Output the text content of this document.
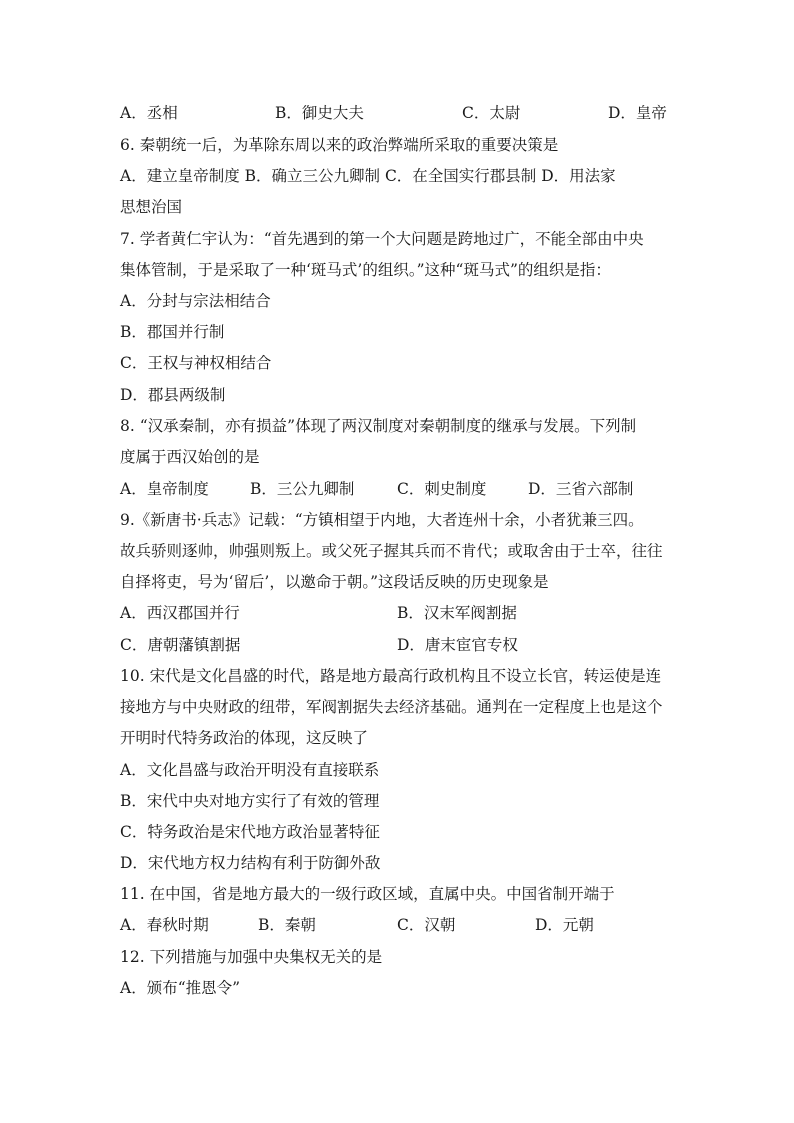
A．丞相	B．御史大夫	C．太尉	D．皇帝
6. 秦朝统一后，为革除东周以来的政治弊端所采取的重要决策是
A．建立皇帝制度 B．确立三公九卿制 C．在全国实行郡县制 D．用法家
思想治国
7. 学者黄仁宇认为：“首先遇到的第一个大问题是跨地过广，不能全部由中央
集体管制，于是采取了一种‘斑马式’的组织。”这种“斑马式”的组织是指：
A．分封与宗法相结合
B．郡国并行制
C．王权与神权相结合
D．郡县两级制
8. “汉承秦制，亦有损益”体现了两汉制度对秦朝制度的继承与发展。下列制
度属于西汉始创的是
A．皇帝制度	B．三公九卿制	C．刺史制度	D．三省六部制
9.《新唐书·兵志》记载：“方镇相望于内地，大者连州十余，小者犹兼三四。
故兵骄则逐帅，帅强则叛上。或父死子握其兵而不肯代；或取舍由于士卒，往往
自择将吏，号为‘留后’，以邀命于朝。”这段话反映的历史现象是
A．西汉郡国并行	B．汉末军阀割据
C．唐朝藩镇割据	D．唐末宦官专权
10. 宋代是文化昌盛的时代，路是地方最高行政机构且不设立长官，转运使是连
接地方与中央财政的纽带，军阀割据失去经济基础。通判在一定程度上也是这个
开明时代特务政治的体现，这反映了
A．文化昌盛与政治开明没有直接联系
B．宋代中央对地方实行了有效的管理
C．特务政治是宋代地方政治显著特征
D．宋代地方权力结构有利于防御外敌
11. 在中国，省是地方最大的一级行政区域，直属中央。中国省制开端于
A．春秋时期	B．秦朝	C．汉朝	D．元朝
12. 下列措施与加强中央集权无关的是
A．颁布“推恩令”
